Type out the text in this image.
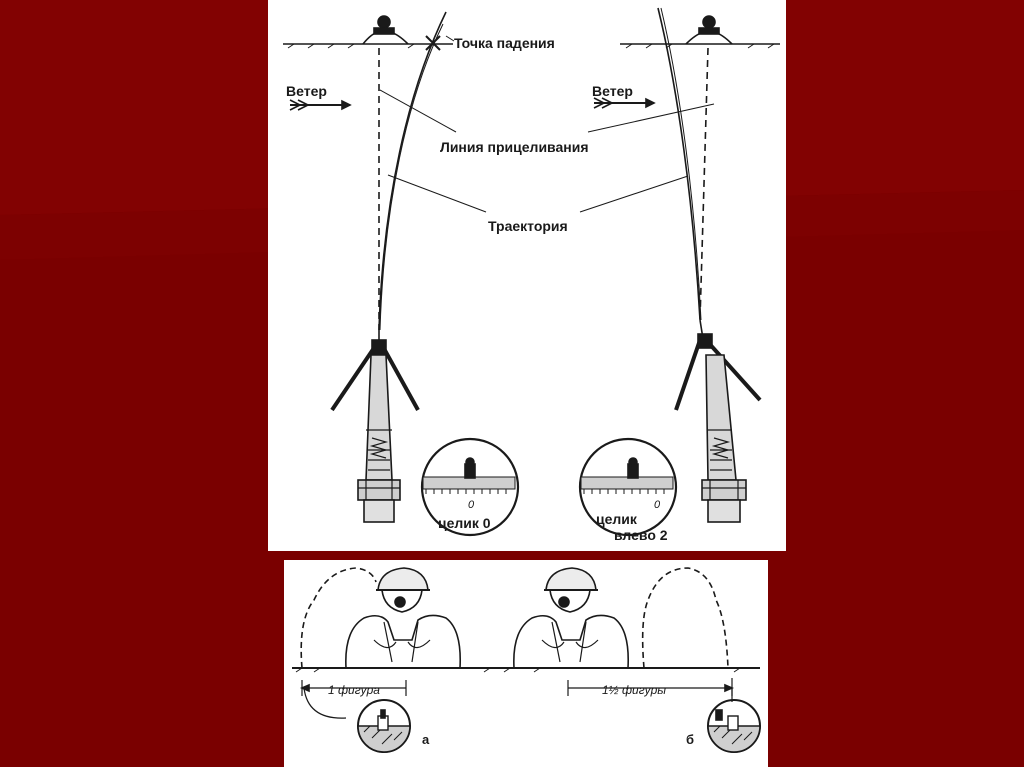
Точка падения
Ветер	Ветер
Линия прицеливания
Траектория
0
целик 0
0
целик
влево 2
1 фигура	1½ фигуры
а	б
